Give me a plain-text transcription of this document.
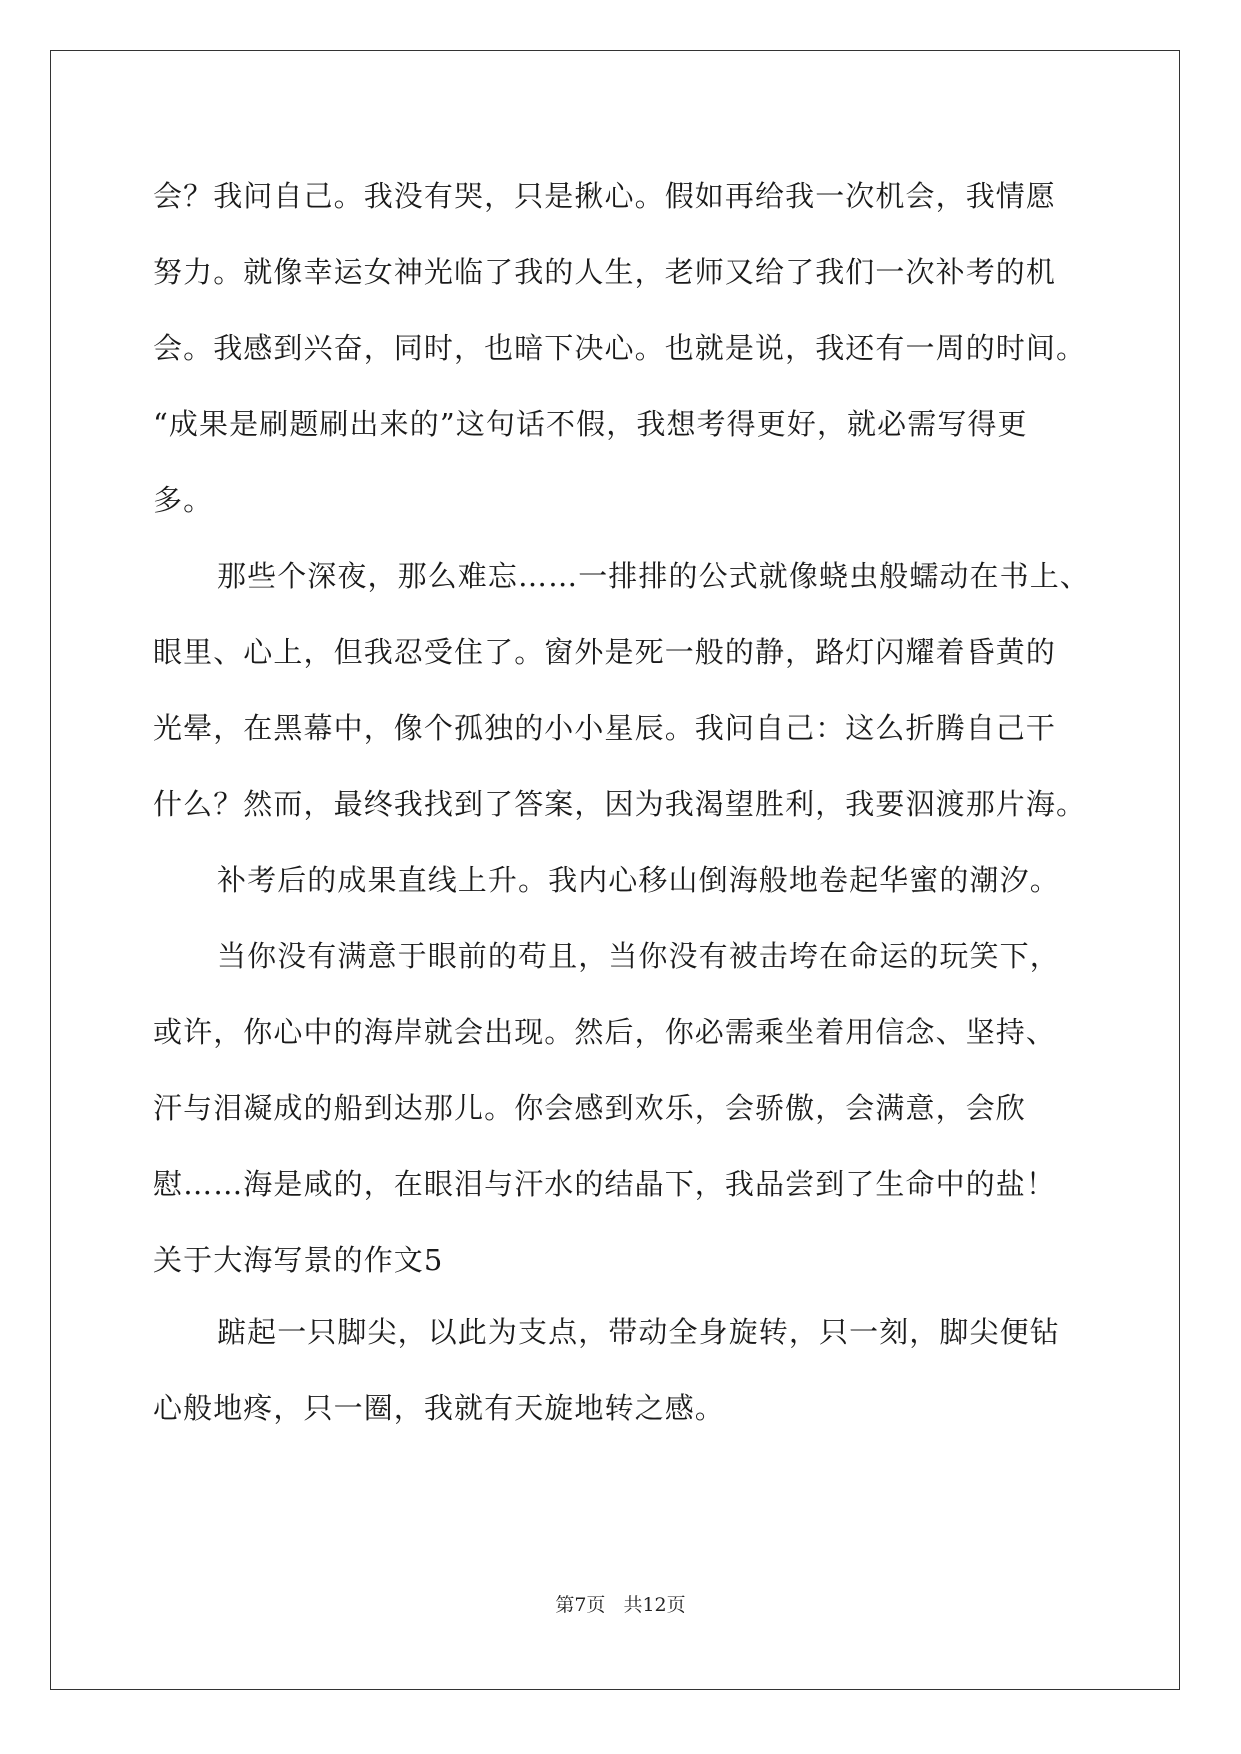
会？我问自己。我没有哭，只是揪心。假如再给我一次机会，我情愿

努力。就像幸运女神光临了我的人生，老师又给了我们一次补考的机

会。我感到兴奋，同时，也暗下决心。也就是说，我还有一周的时间。

“成果是刷题刷出来的”这句话不假，我想考得更好，就必需写得更

多。

那些个深夜，那么难忘……一排排的公式就像蛲虫般蠕动在书上、

眼里、心上，但我忍受住了。窗外是死一般的静，路灯闪耀着昏黄的

光晕，在黑幕中，像个孤独的小小星辰。我问自己：这么折腾自己干

什么？然而，最终我找到了答案，因为我渴望胜利，我要泅渡那片海。

补考后的成果直线上升。我内心移山倒海般地卷起华蜜的潮汐。

当你没有满意于眼前的苟且，当你没有被击垮在命运的玩笑下，

或许，你心中的海岸就会出现。然后，你必需乘坐着用信念、坚持、

汗与泪凝成的船到达那儿。你会感到欢乐，会骄傲，会满意，会欣

慰……海是咸的，在眼泪与汗水的结晶下，我品尝到了生命中的盐！

关于大海写景的作文5

踮起一只脚尖，以此为支点，带动全身旋转，只一刻，脚尖便钻

心般地疼，只一圈，我就有天旋地转之感。

第7页 共12页
